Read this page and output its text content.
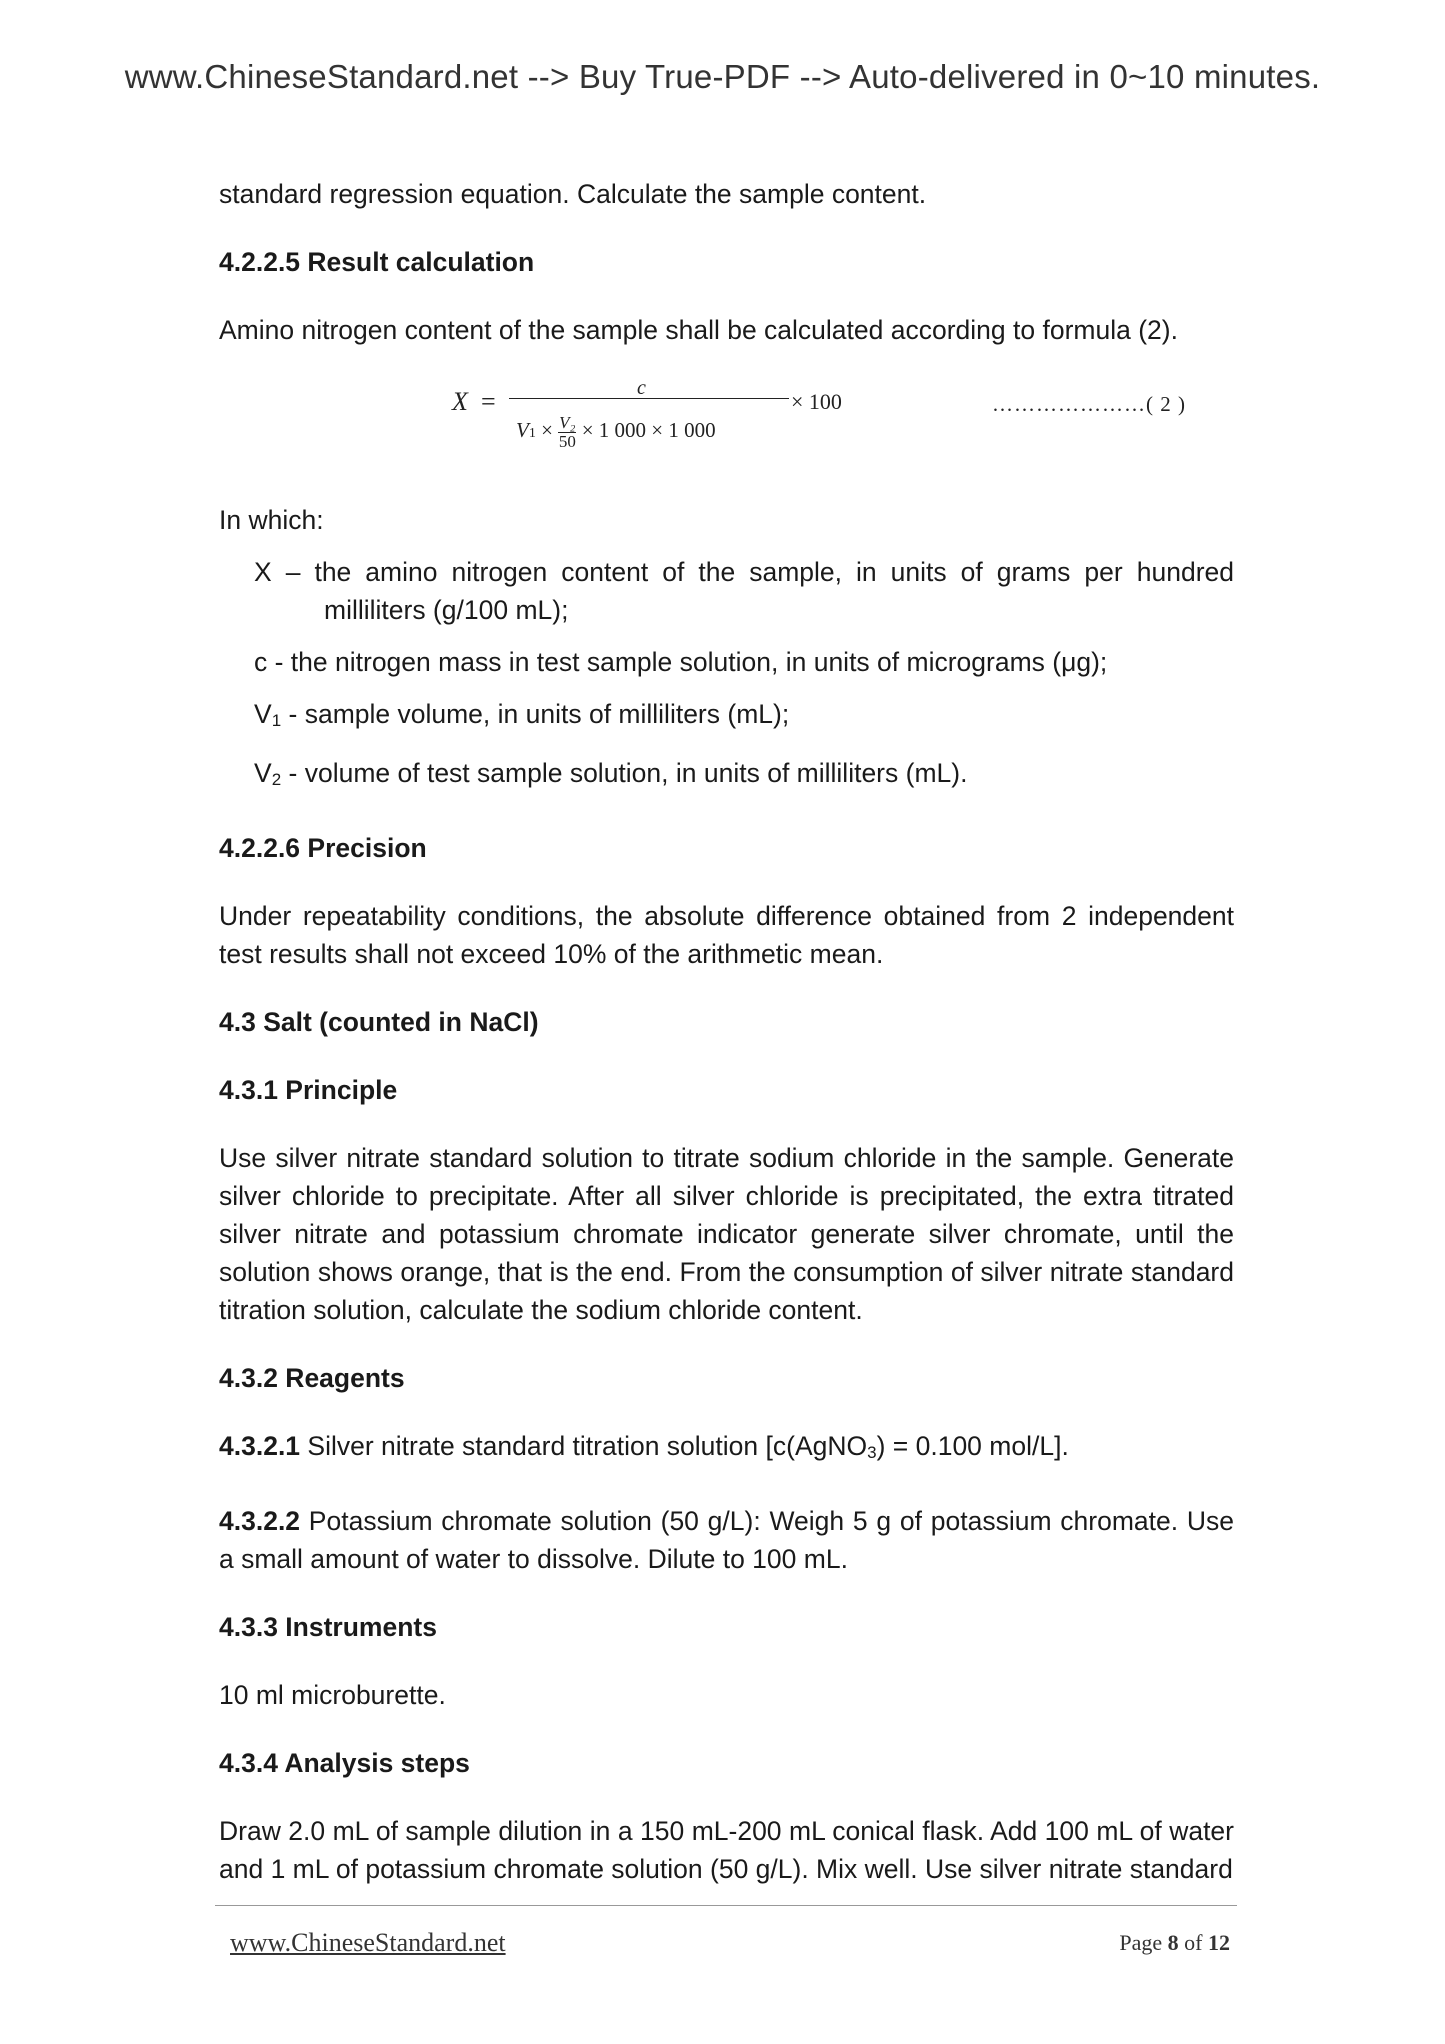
www.ChineseStandard.net --> Buy True-PDF --> Auto-delivered in 0~10 minutes.

standard regression equation. Calculate the sample content.

4.2.2.5 Result calculation

Amino nitrogen content of the sample shall be calculated according to formula (2).

X =	c
$V1 \times \frac{\text{V₂}}{50} \times 1$ 000 × 1 000
× 100	…………………( 2 )

In which:

X – the amino nitrogen content of the sample, in units of grams per hundred milliliters (g/100 mL);

c - the nitrogen mass in test sample solution, in units of micrograms (μg);

$V_1$ - sample volume, in units of milliliters (mL);

$V_2$ - volume of test sample solution, in units of milliliters (mL).

4.2.2.6 Precision

Under repeatability conditions, the absolute difference obtained from 2 independent test results shall not exceed 10% of the arithmetic mean.

4.3 Salt (counted in NaCl)

4.3.1 Principle

Use silver nitrate standard solution to titrate sodium chloride in the sample. Generate silver chloride to precipitate. After all silver chloride is precipitated, the extra titrated silver nitrate and potassium chromate indicator generate silver chromate, until the solution shows orange, that is the end. From the consumption of silver nitrate standard titration solution, calculate the sodium chloride content.

4.3.2 Reagents

4.3.2.1 Silver nitrate standard titration solution [c(AgNO$_3$) = 0.100 mol/L].

4.3.2.2 Potassium chromate solution (50 g/L): Weigh 5 g of potassium chromate. Use a small amount of water to dissolve. Dilute to 100 mL.

4.3.3 Instruments

10 ml microburette.

4.3.4 Analysis steps

Draw 2.0 mL of sample dilution in a 150 mL-200 mL conical flask. Add 100 mL of water and 1 mL of potassium chromate solution (50 g/L). Mix well. Use silver nitrate standard

www.ChineseStandard.net	Page 8 of 12
